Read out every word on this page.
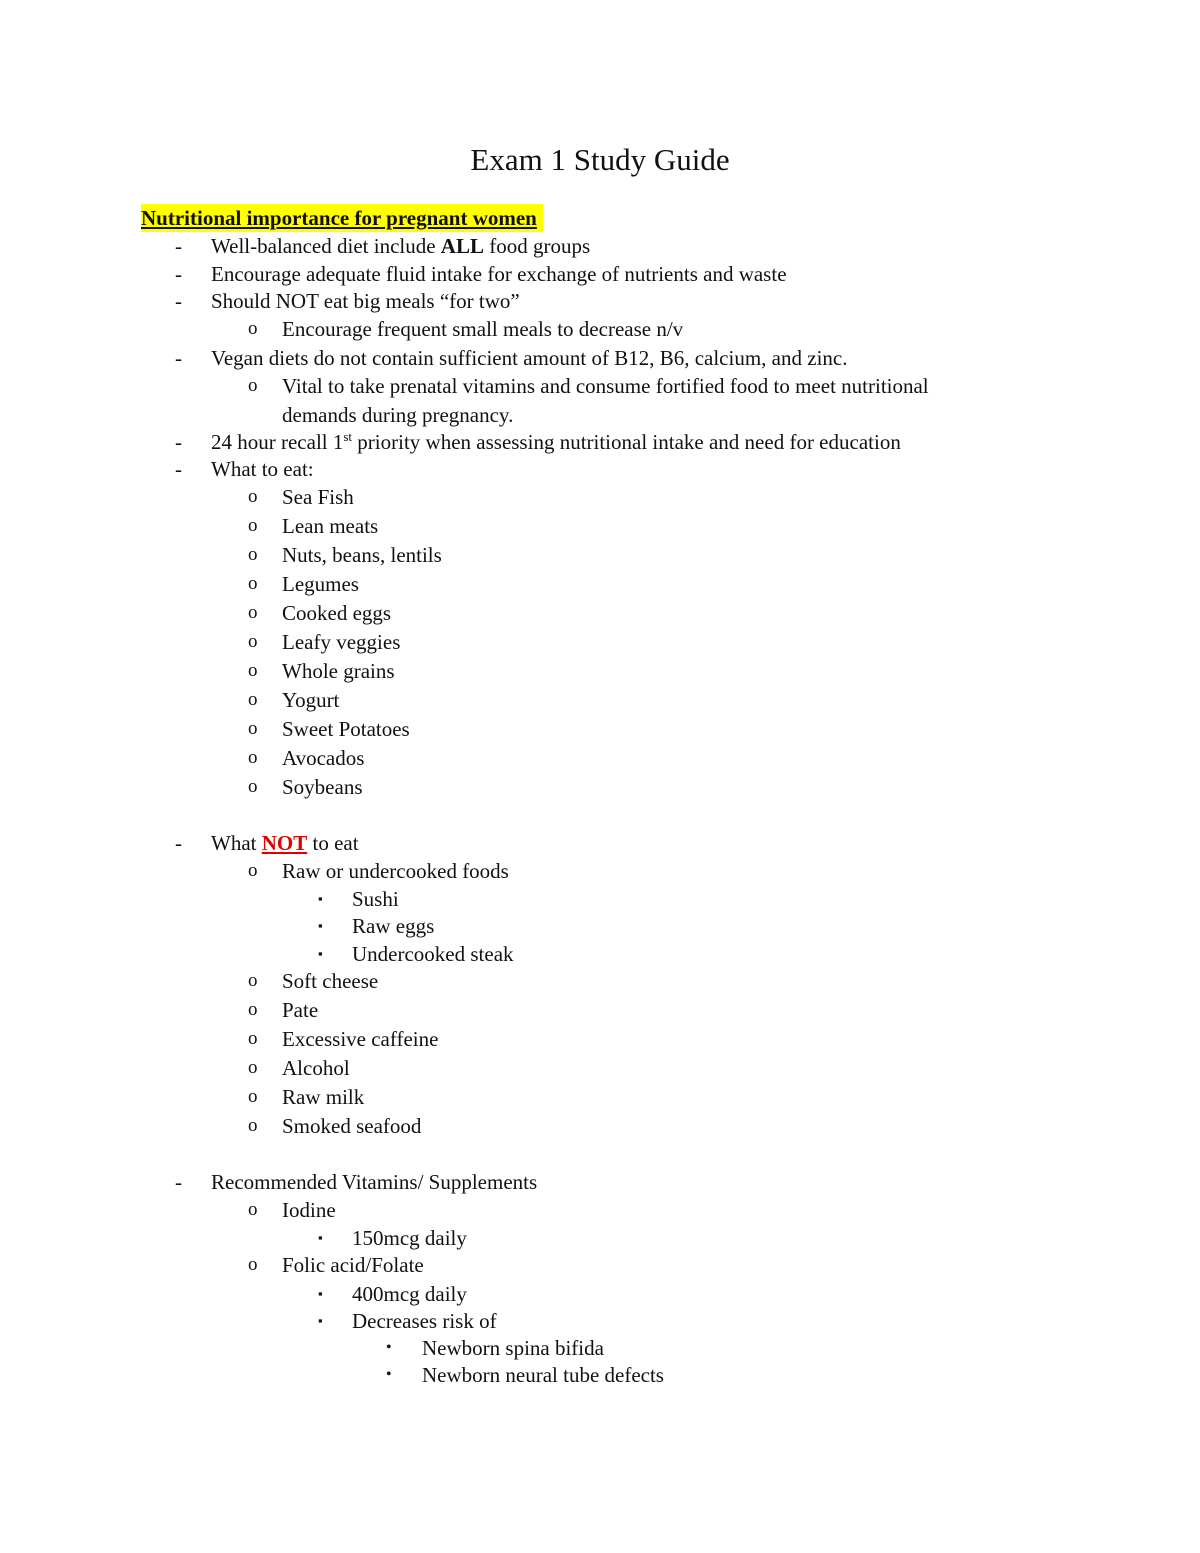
Exam 1 Study Guide
Nutritional importance for pregnant women
-	Well-balanced diet include ALL food groups
-	Encourage adequate fluid intake for exchange of nutrients and waste
-	Should NOT eat big meals “for two”
o Encourage frequent small meals to decrease n/v
-	Vegan diets do not contain sufficient amount of B12, B6, calcium, and zinc.
o Vital to take prenatal vitamins and consume fortified food to meet nutritional
demands during pregnancy.
-	24 hour recall 1st priority when assessing nutritional intake and need for education
-	What to eat:
o Sea Fish
o Lean meats
o Nuts, beans, lentils
o Legumes
o Cooked eggs
o Leafy veggies
o Whole grains
o Yogurt
o Sweet Potatoes
o Avocados
o Soybeans
-	What NOT to eat
o Raw or undercooked foods
▪ Sushi
▪ Raw eggs
▪ Undercooked steak
o Soft cheese
o Pate
o Excessive caffeine
o Alcohol
o Raw milk
o Smoked seafood
-	Recommended Vitamins/ Supplements
o Iodine
▪ 150mcg daily
o Folic acid/Folate
▪ 400mcg daily
▪ Decreases risk of
• Newborn spina bifida
• Newborn neural tube defects
